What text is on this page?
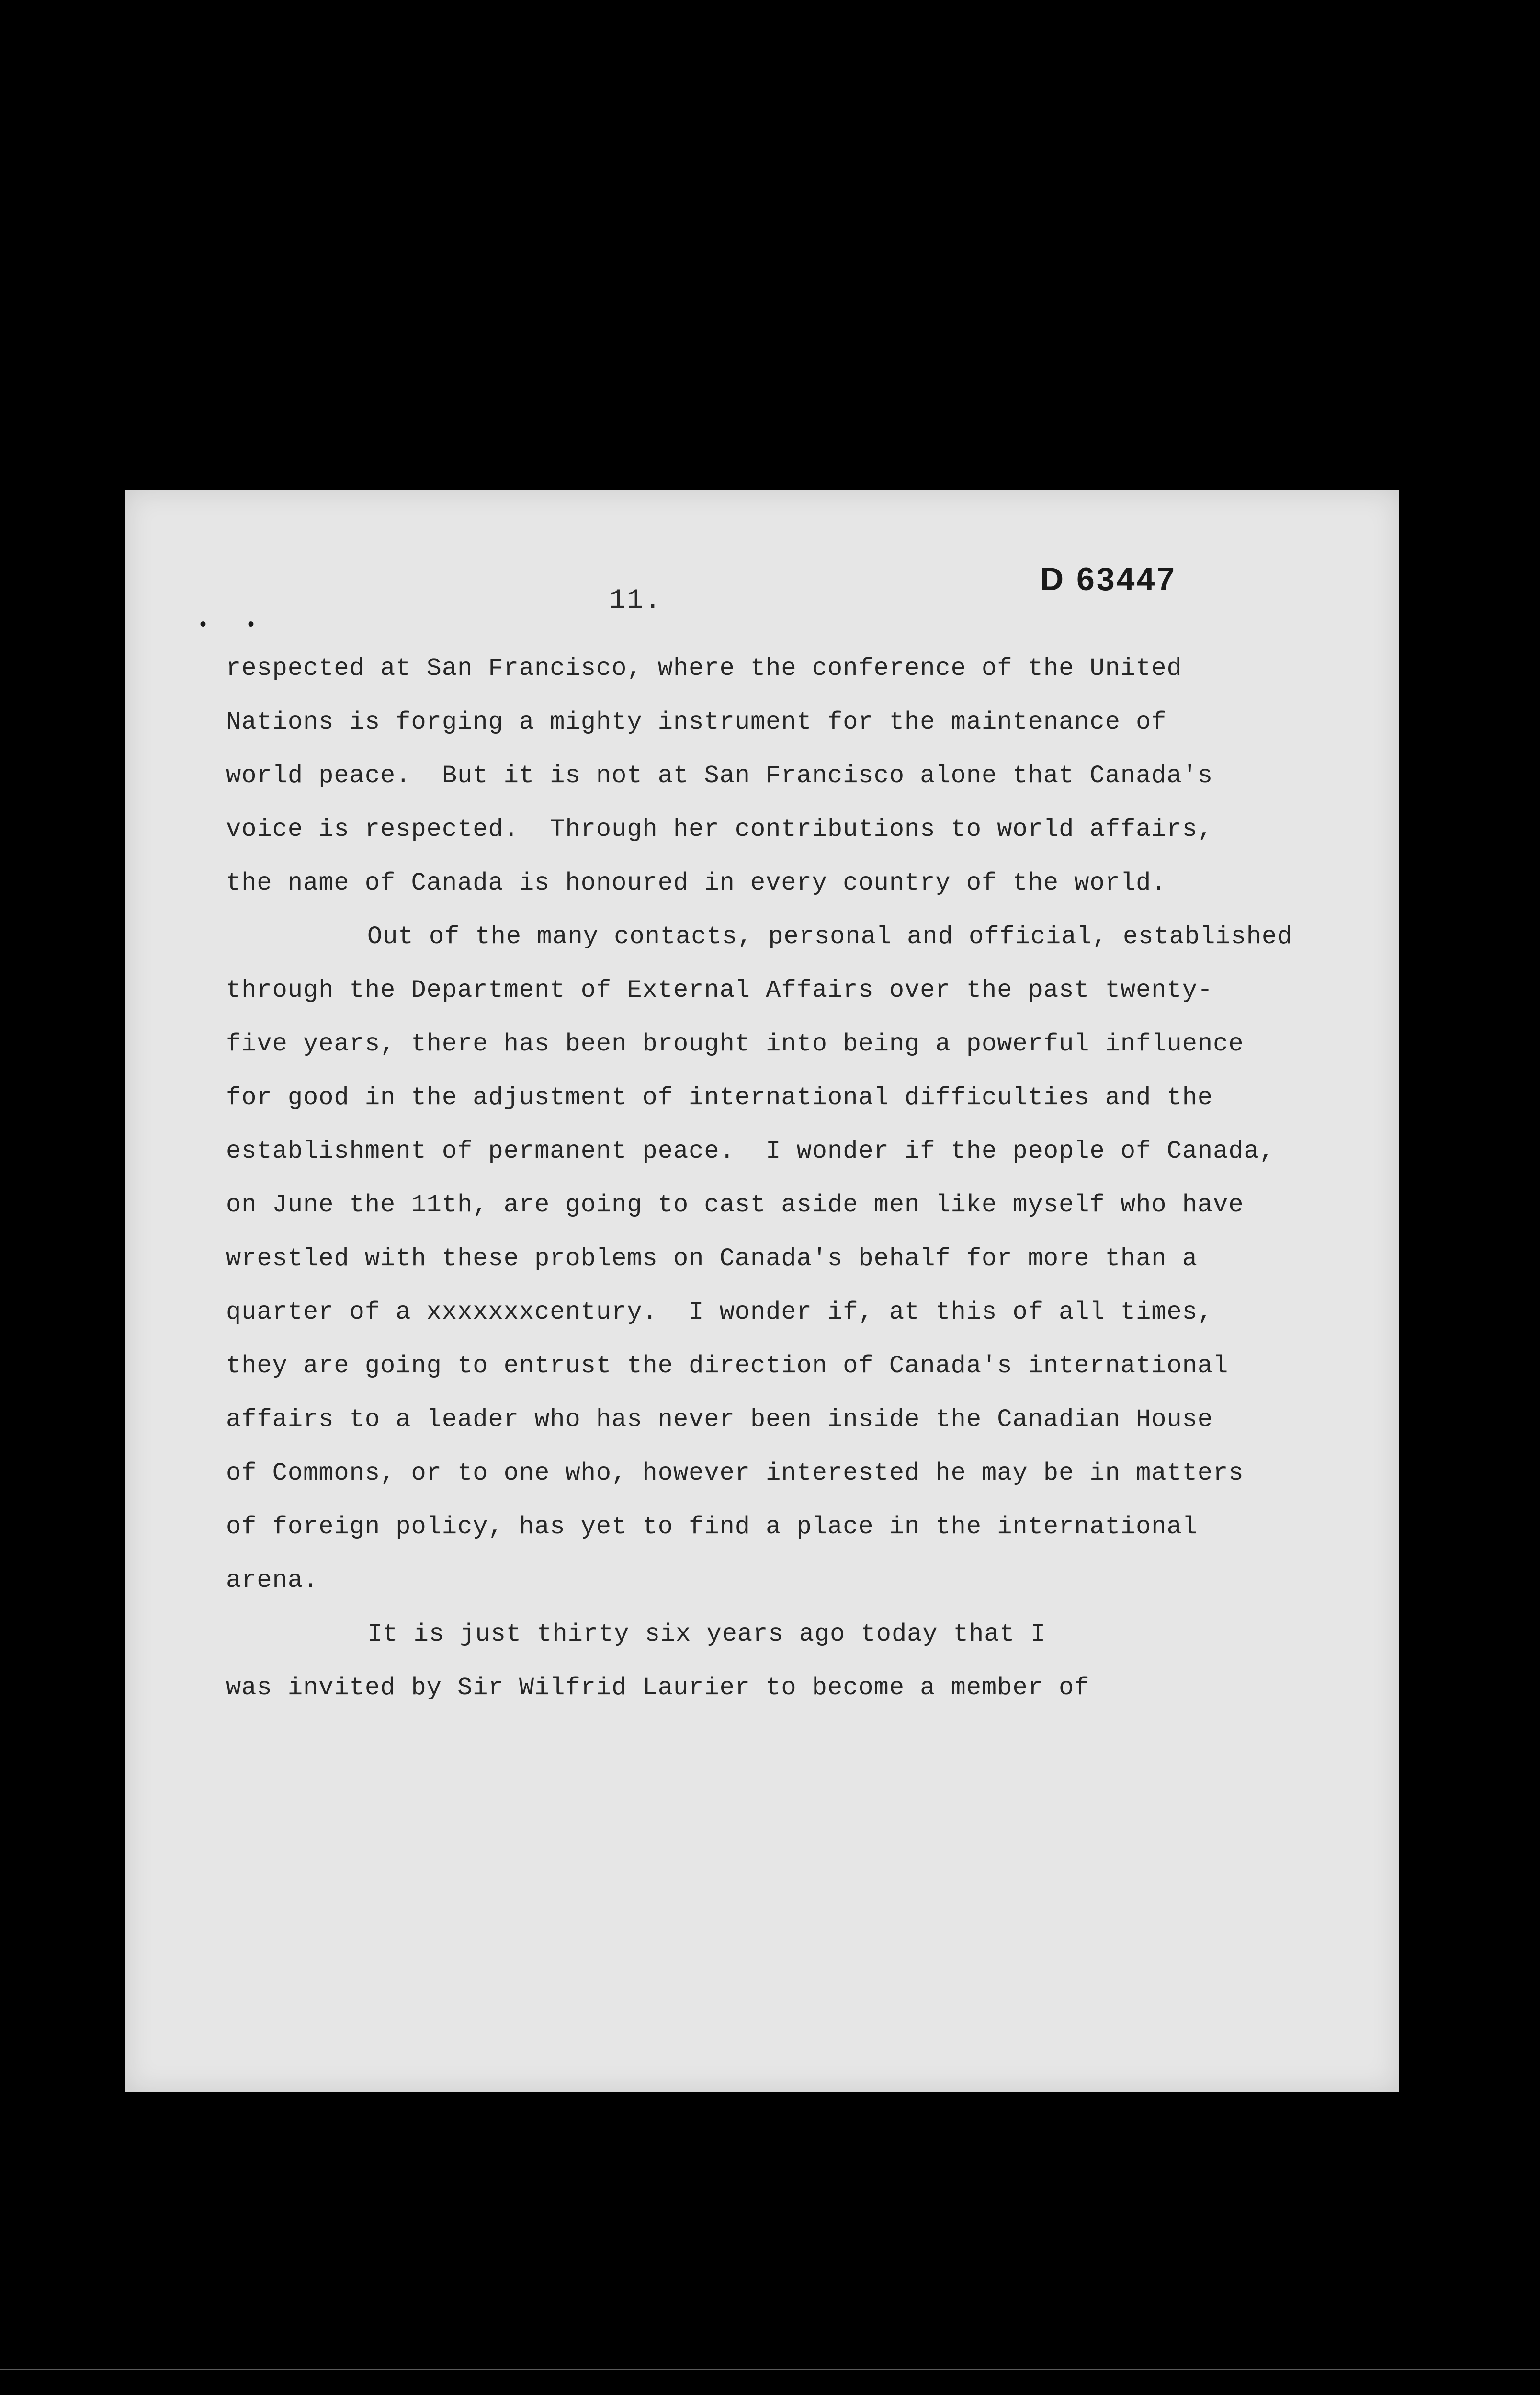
11.
D 63447
• •
respected at San Francisco, where the conference of the United
Nations is forging a mighty instrument for the maintenance of
world peace.  But it is not at San Francisco alone that Canada's
voice is respected.  Through her contributions to world affairs,
the name of Canada is honoured in every country of the world.
Out of the many contacts, personal and official, established
through the Department of External Affairs over the past twenty-
five years, there has been brought into being a powerful influence
for good in the adjustment of international difficulties and the
establishment of permanent peace.  I wonder if the people of Canada,
on June the 11th, are going to cast aside men like myself who have
wrestled with these problems on Canada's behalf for more than a
quarter of a xxxxxxxcentury.  I wonder if, at this of all times,
they are going to entrust the direction of Canada's international
affairs to a leader who has never been inside the Canadian House
of Commons, or to one who, however interested he may be in matters
of foreign policy, has yet to find a place in the international
arena.
It is just thirty six years ago today that I
was invited by Sir Wilfrid Laurier to become a member of
